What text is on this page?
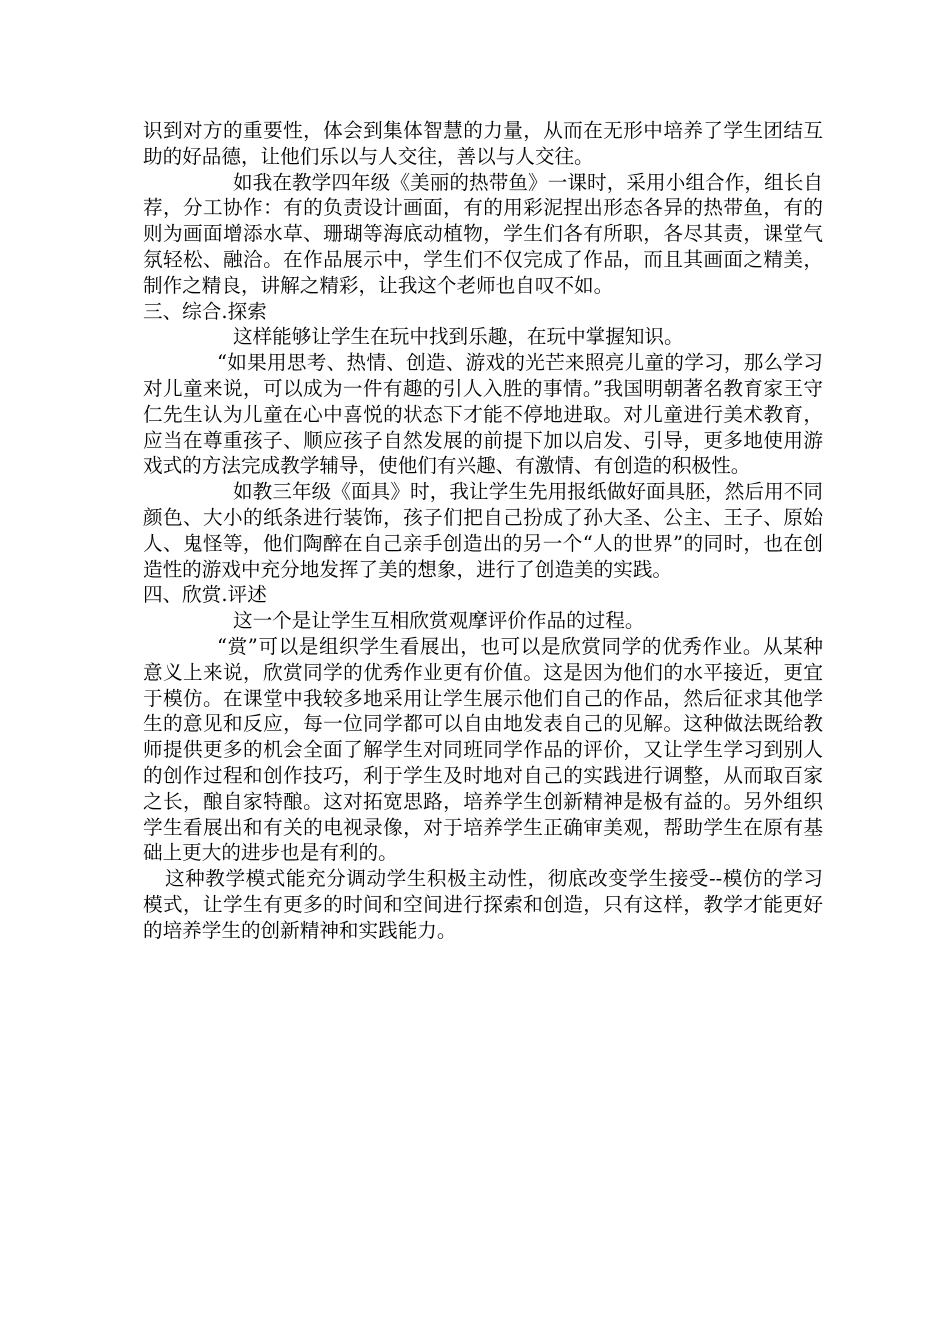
识到对方的重要性，体会到集体智慧的力量，从而在无形中培养了学生团结互助的好品德，让他们乐以与人交往，善以与人交往。

如我在教学四年级《美丽的热带鱼》一课时，采用小组合作，组长自荐，分工协作：有的负责设计画面，有的用彩泥捏出形态各异的热带鱼，有的则为画面增添水草、珊瑚等海底动植物，学生们各有所职，各尽其责，课堂气氛轻松、融洽。在作品展示中，学生们不仅完成了作品，而且其画面之精美，制作之精良，讲解之精彩，让我这个老师也自叹不如。

三、综合.探索

这样能够让学生在玩中找到乐趣，在玩中掌握知识。

“如果用思考、热情、创造、游戏的光芒来照亮儿童的学习，那么学习对儿童来说，可以成为一件有趣的引人入胜的事情。”我国明朝著名教育家王守仁先生认为儿童在心中喜悦的状态下才能不停地进取。对儿童进行美术教育，应当在尊重孩子、顺应孩子自然发展的前提下加以启发、引导，更多地使用游戏式的方法完成教学辅导，使他们有兴趣、有激情、有创造的积极性。

如教三年级《面具》时，我让学生先用报纸做好面具胚，然后用不同颜色、大小的纸条进行装饰，孩子们把自己扮成了孙大圣、公主、王子、原始人、鬼怪等，他们陶醉在自己亲手创造出的另一个“人的世界”的同时，也在创造性的游戏中充分地发挥了美的想象，进行了创造美的实践。

四、欣赏.评述

这一个是让学生互相欣赏观摩评价作品的过程。

“赏”可以是组织学生看展出，也可以是欣赏同学的优秀作业。从某种意义上来说，欣赏同学的优秀作业更有价值。这是因为他们的水平接近，更宜于模仿。在课堂中我较多地采用让学生展示他们自己的作品，然后征求其他学生的意见和反应，每一位同学都可以自由地发表自己的见解。这种做法既给教师提供更多的机会全面了解学生对同班同学作品的评价，又让学生学习到别人的创作过程和创作技巧，利于学生及时地对自己的实践进行调整，从而取百家之长，酿自家特酿。这对拓宽思路，培养学生创新精神是极有益的。另外组织学生看展出和有关的电视录像，对于培养学生正确审美观，帮助学生在原有基础上更大的进步也是有利的。

这种教学模式能充分调动学生积极主动性，彻底改变学生接受--模仿的学习模式，让学生有更多的时间和空间进行探索和创造，只有这样，教学才能更好的培养学生的创新精神和实践能力。
